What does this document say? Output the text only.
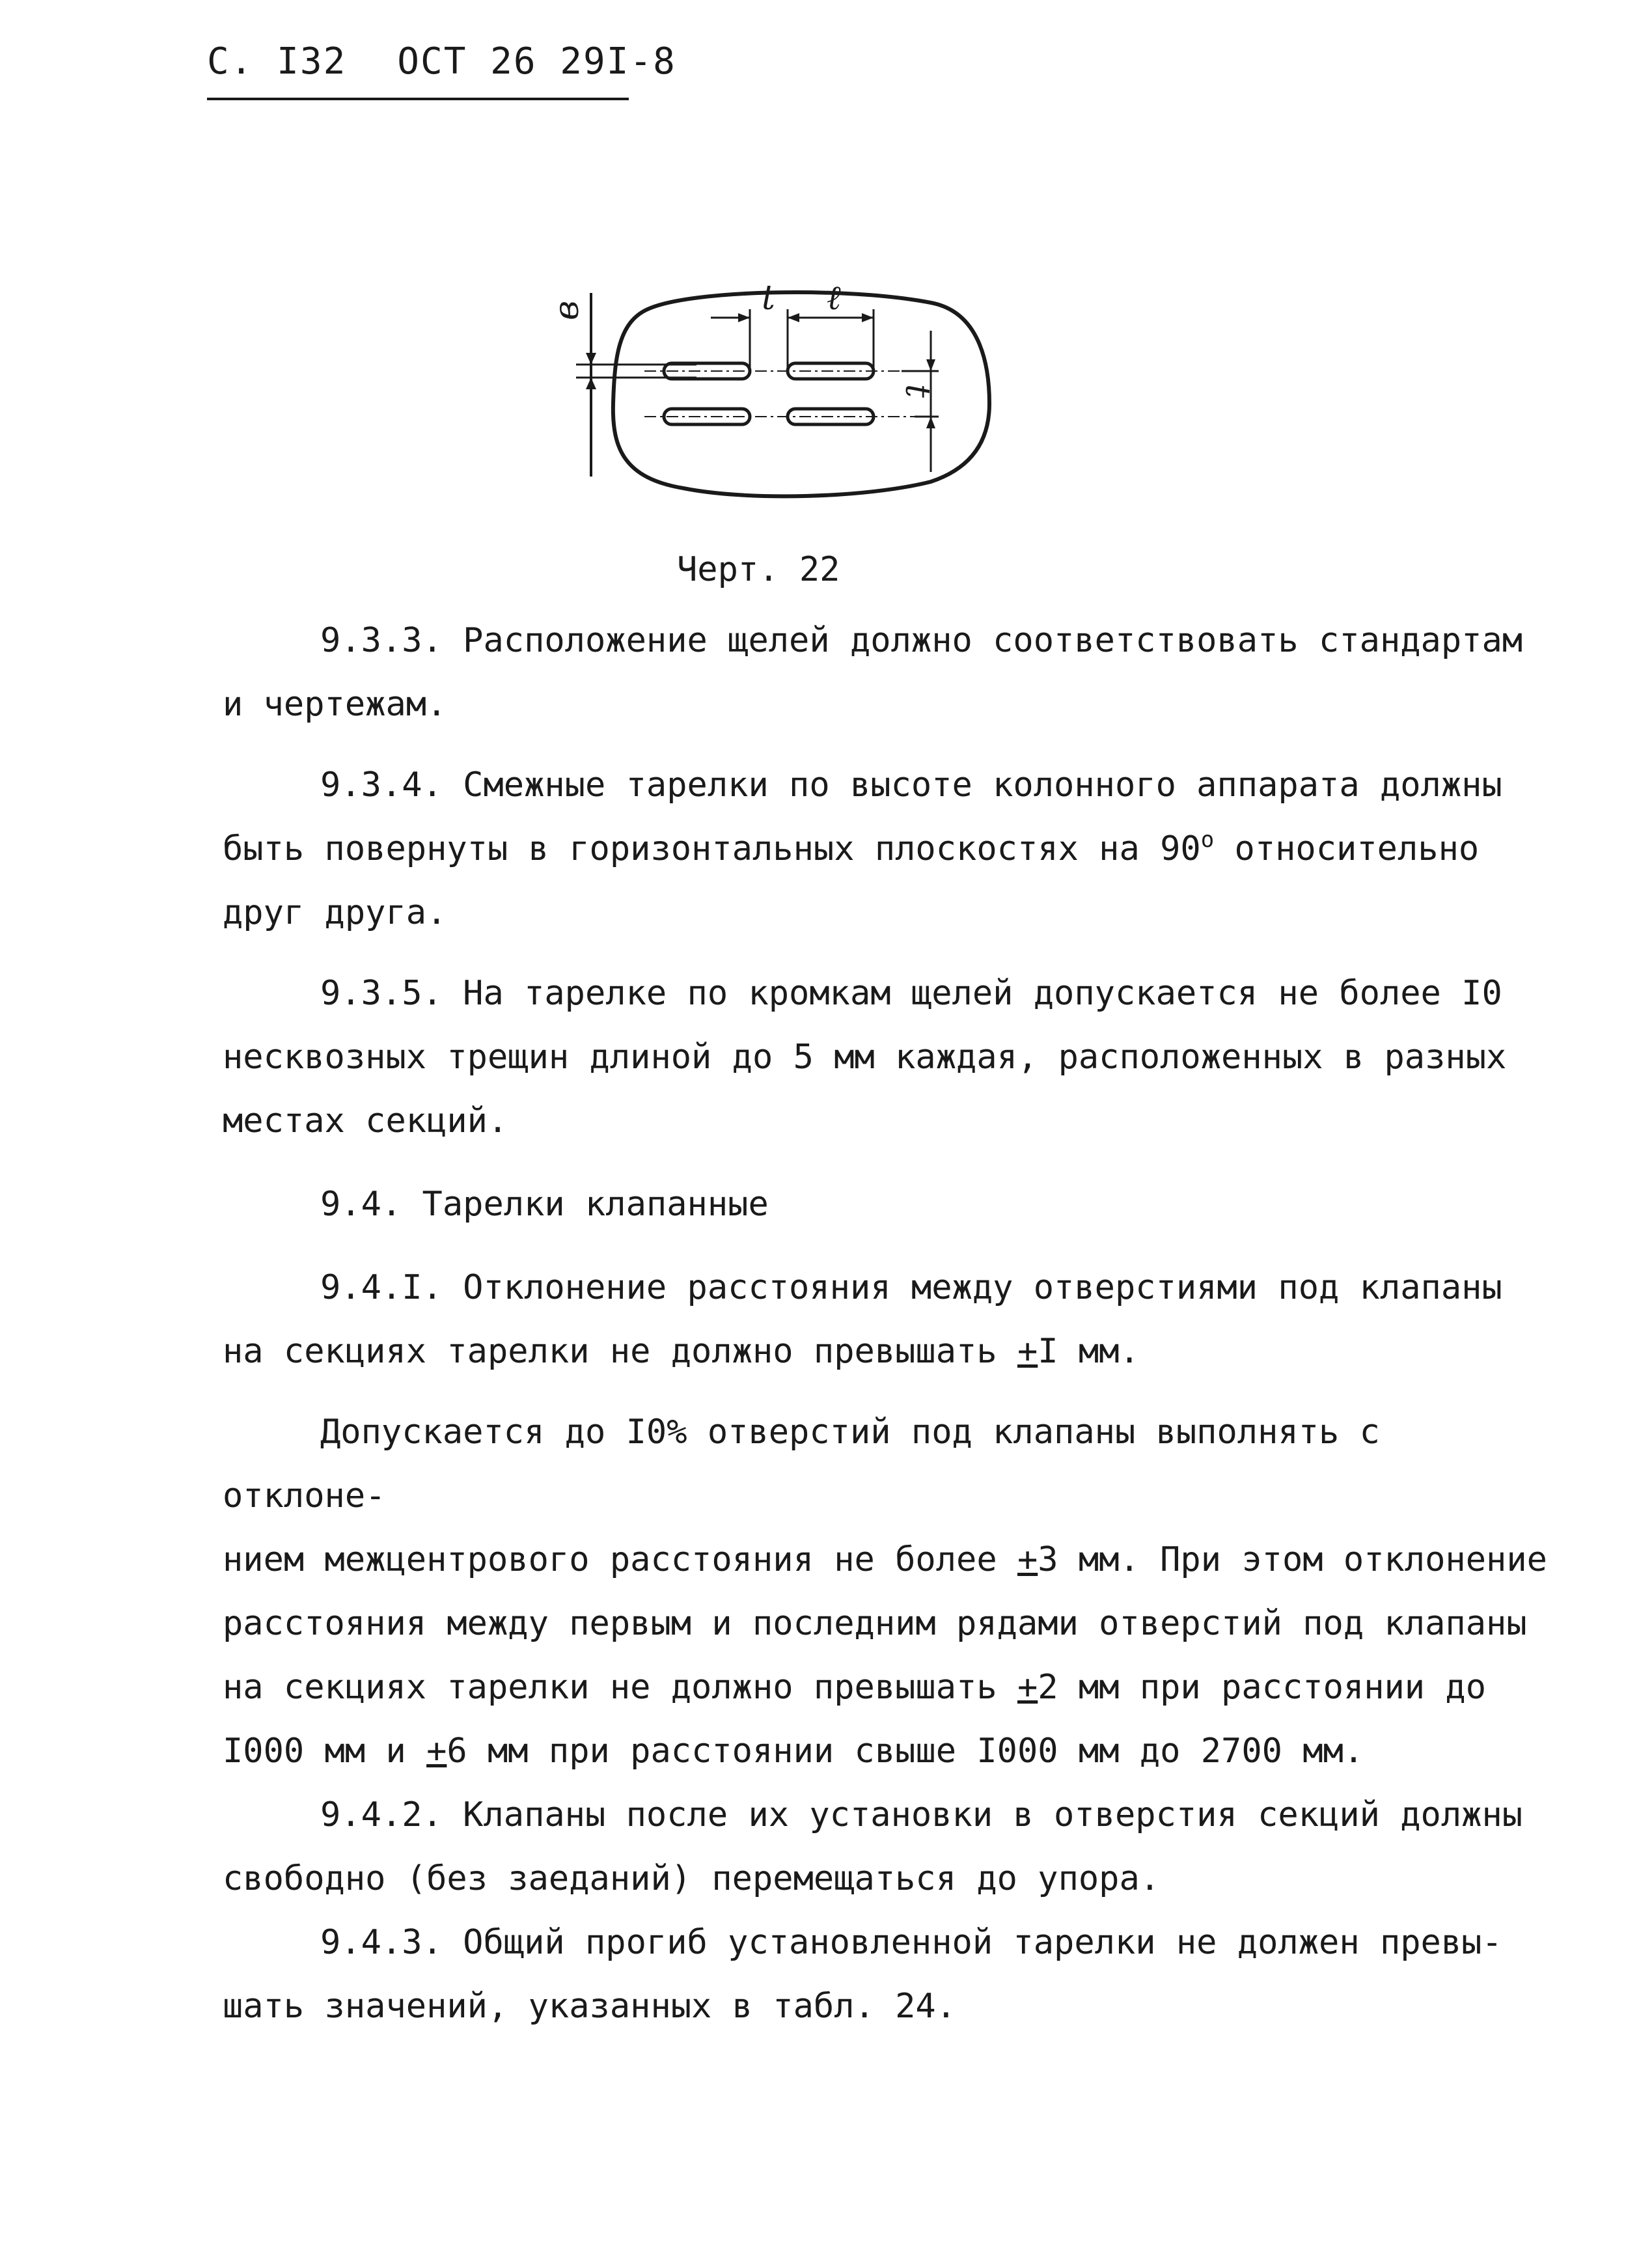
С. I32 ОСТ 26 29I-8
в	t ℓ
t
Черт. 22

9.3.3. Расположение щелей должно соответствовать стандартам
и чертежам.

9.3.4. Смежные тарелки по высоте колонного аппарата должны
быть повернуты в горизонтальных плоскостях на $90^о$ относительно
друг друга.

9.3.5. На тарелке по кромкам щелей допускается не более I0
несквозных трещин длиной до 5 мм каждая, расположенных в разных
местах секций.

9.4. Тарелки клапанные

9.4.I. Отклонение расстояния между отверстиями под клапаны
на секциях тарелки не должно превышать +I мм.

Допускается до I0% отверстий под клапаны выполнять с отклоне-
нием межцентрового расстояния не более +3 мм. При этом отклонение
расстояния между первым и последним рядами отверстий под клапаны
на секциях тарелки не должно превышать +2 мм при расстоянии до
I000 мм и +6 мм при расстоянии свыше I000 мм до 2700 мм.

9.4.2. Клапаны после их установки в отверстия секций должны
свободно (без заеданий) перемещаться до упора.

9.4.3. Общий прогиб установленной тарелки не должен превы-
шать значений, указанных в табл. 24.
